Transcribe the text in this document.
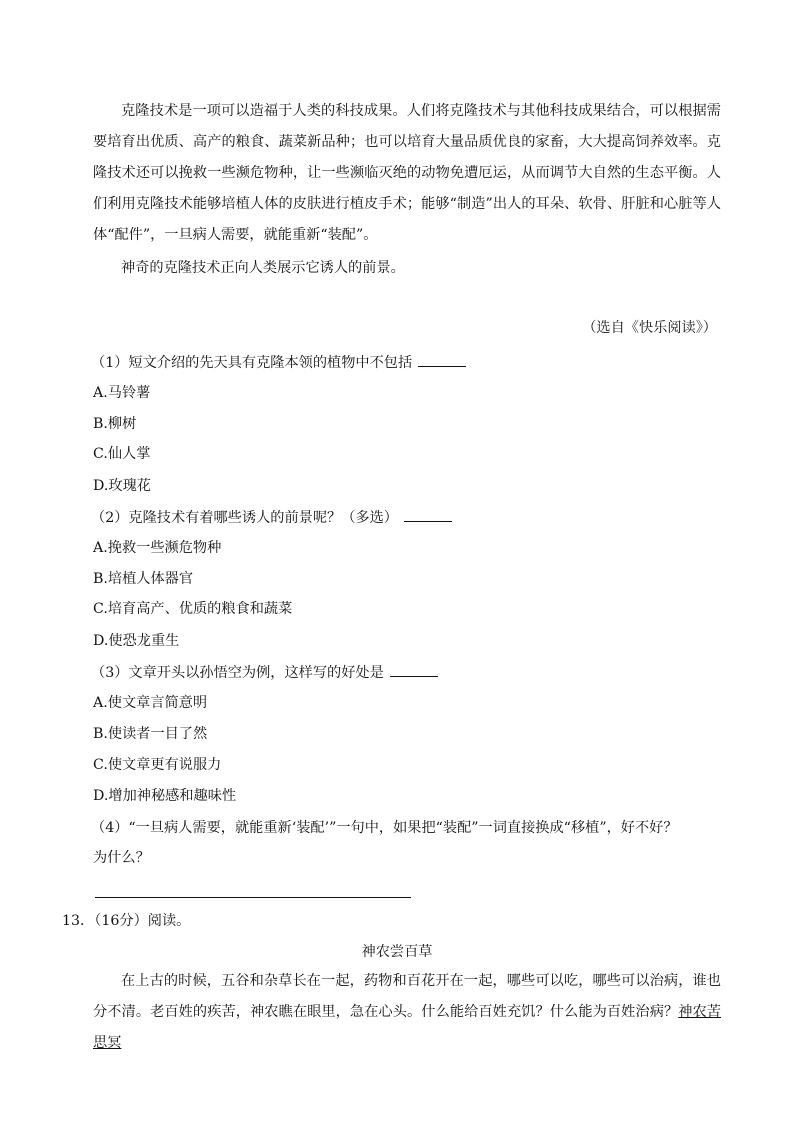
克隆技术是一项可以造福于人类的科技成果。人们将克隆技术与其他科技成果结合，可以根据需要培育出优质、高产的粮食、蔬菜新品种；也可以培育大量品质优良的家畜，大大提高饲养效率。克隆技术还可以挽救一些濒危物种，让一些濒临灭绝的动物免遭厄运，从而调节大自然的生态平衡。人们利用克隆技术能够培植人体的皮肤进行植皮手术；能够“制造”出人的耳朵、软骨、肝脏和心脏等人体“配件”，一旦病人需要，就能重新“装配”。

神奇的克隆技术正向人类展示它诱人的前景。

（选自《快乐阅读》）
（1）短文介绍的先天具有克隆本领的植物中不包括
A.马铃薯
B.柳树
C.仙人掌
D.玫瑰花
（2）克隆技术有着哪些诱人的前景呢？（多选）
A.挽救一些濒危物种
B.培植人体器官
C.培育高产、优质的粮食和蔬菜
D.使恐龙重生
（3）文章开头以孙悟空为例，这样写的好处是
A.使文章言简意明
B.使读者一目了然
C.使文章更有说服力
D.增加神秘感和趣味性
（4）“一旦病人需要，就能重新‘装配’”一句中，如果把“装配”一词直接换成“移植”，好不好？
为什么？
13．（16分）阅读。
神农尝百草

在上古的时候，五谷和杂草长在一起，药物和百花开在一起，哪些可以吃，哪些可以治病，谁也分不清。老百姓的疾苦，神农瞧在眼里，急在心头。什么能给百姓充饥？什么能为百姓治病？神农苦思冥
